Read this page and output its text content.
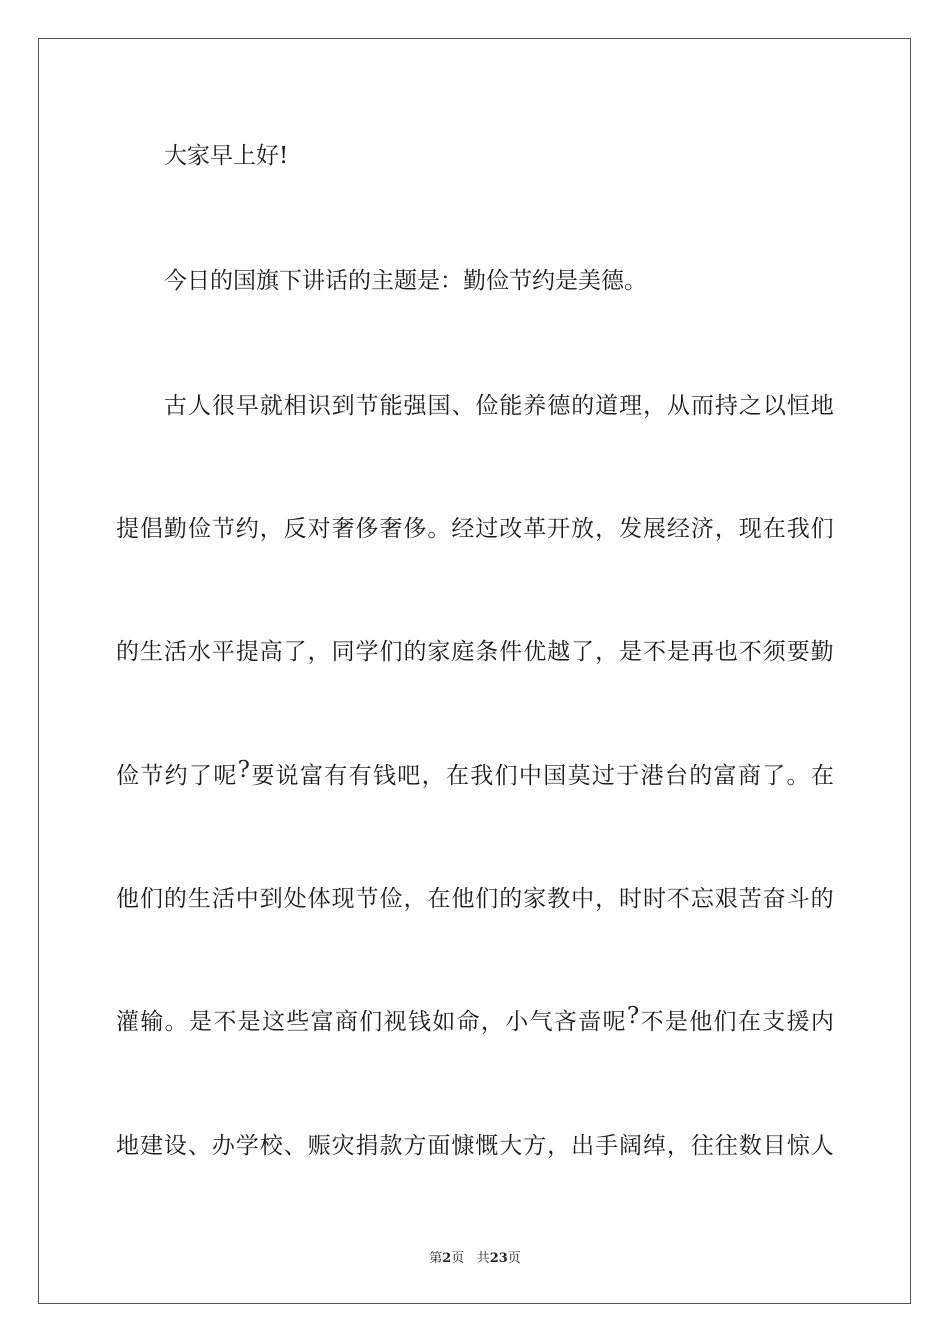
大家早上好!
今日的国旗下讲话的主题是：勤俭节约是美德。
古 人 很 早 就 相 识 到 节 能 强 国 、 俭 能 养 德 的 道 理 ， 从 而 持 之 以 恒 地
提 倡 勤 俭 节 约 ， 反 对 奢 侈 奢 侈 。 经 过 改 革 开 放 ， 发 展 经 济 ， 现 在 我 们
的 生 活 水 平 提 高 了 ， 同 学 们 的 家 庭 条 件 优 越 了 ， 是 不 是 再 也 不 须 要 勤
俭 节 约 了 呢 ? 要 说 富 有 有 钱 吧 ， 在 我 们 中 国 莫 过 于 港 台 的 富 商 了 。 在
他 们 的 生 活 中 到 处 体 现 节 俭 ， 在 他 们 的 家 教 中 ， 时 时 不 忘 艰 苦 奋 斗 的
灌 输 。 是 不 是 这 些 富 商 们 视 钱 如 命 ， 小 气 吝 啬 呢 ? 不 是 他 们 在 支 援 内
地 建 设 、 办 学 校 、 赈 灾 捐 款 方 面 慷 慨 大 方 ， 出 手 阔 绰 ， 往 往 数 目 惊 人
第2页 共23页
